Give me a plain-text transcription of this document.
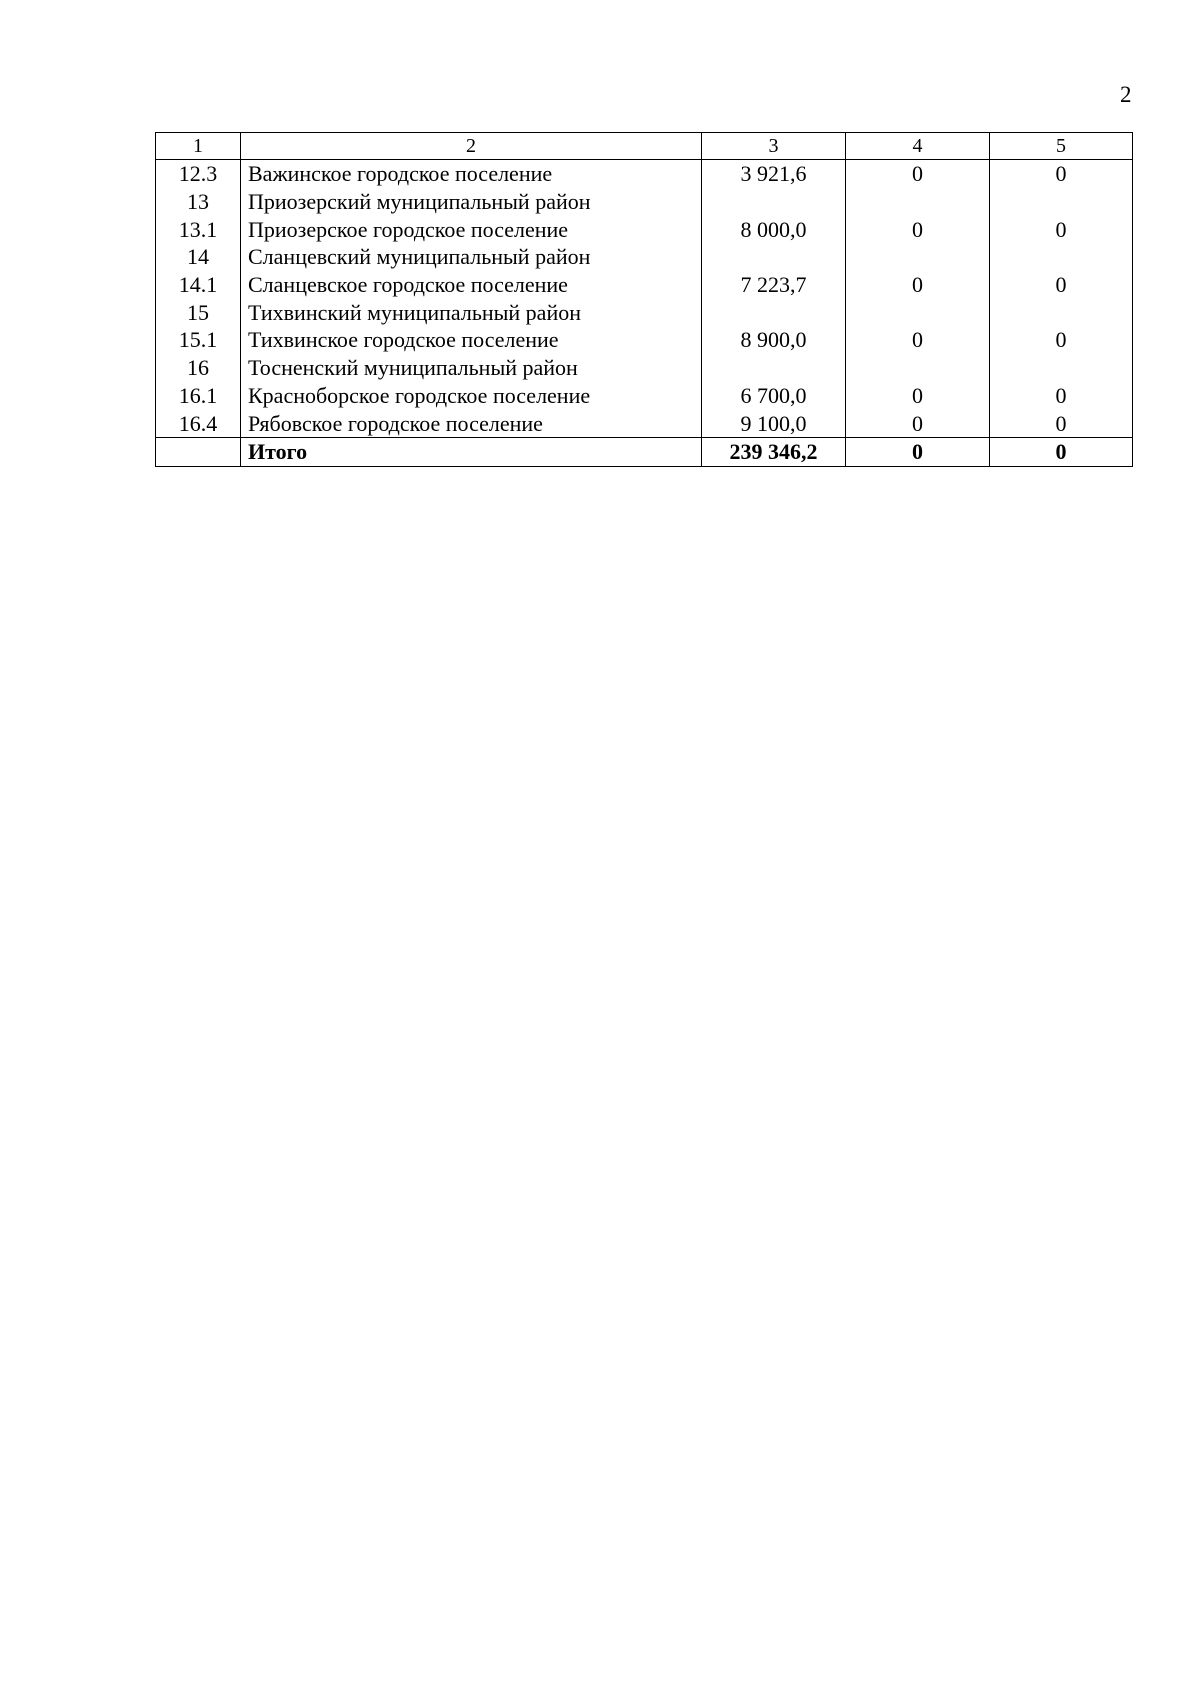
2
1	2	3	4	5
12.3	Важинское городское поселение	3 921,6	0	0
13	Приозерский муниципальный район			
13.1	Приозерское городское поселение	8 000,0	0	0
14	Сланцевский муниципальный район			
14.1	Сланцевское городское поселение	7 223,7	0	0
15	Тихвинский муниципальный район			
15.1	Тихвинское городское поселение	8 900,0	0	0
16	Тосненский муниципальный район			
16.1	Красноборское городское поселение	6 700,0	0	0
16.4	Рябовское городское поселение	9 100,0	0	0
	Итого	239 346,2	0	0
